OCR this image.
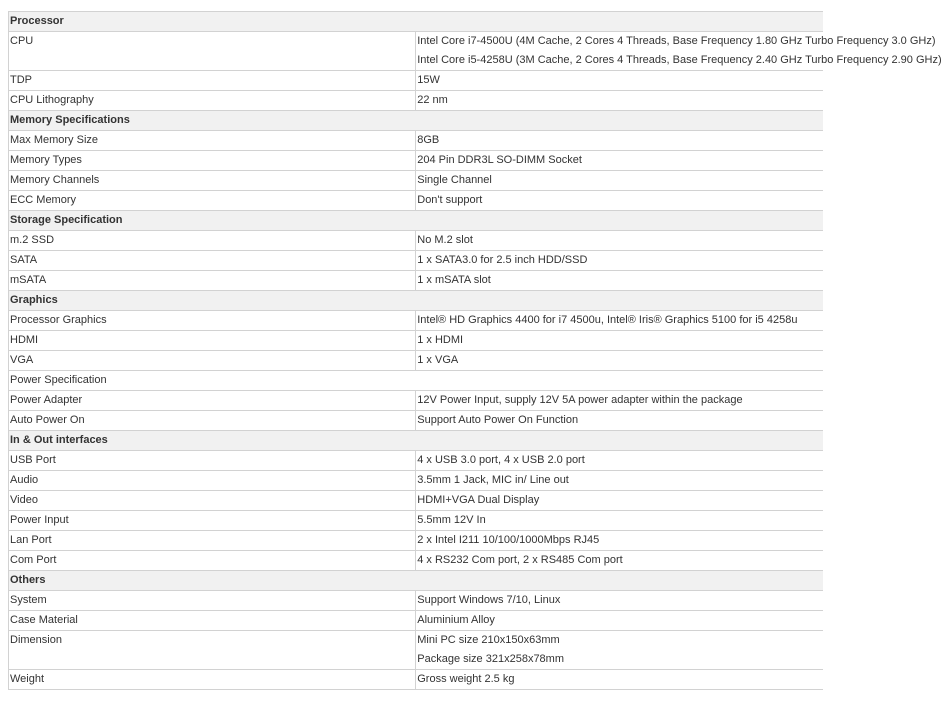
Processor	
CPU	Intel Core i7-4500U (4M Cache, 2 Cores 4 Threads, Base Frequency 1.80 GHz Turbo Frequency 3.0 GHz)
Intel Core i5-4258U (3M Cache, 2 Cores 4 Threads, Base Frequency 2.40 GHz Turbo Frequency 2.90 GHz)

TDP	15W

CPU Lithography	22 nm

Memory Specifications	
Max Memory Size	8GB

Memory Types	204 Pin DDR3L SO-DIMM Socket

Memory Channels	Single Channel

ECC Memory	Don't support

Storage Specification	
m.2 SSD	No M.2 slot

SATA	1 x SATA3.0 for 2.5 inch HDD/SSD

mSATA	1 x mSATA slot

Graphics	
Processor Graphics	Intel® HD Graphics 4400 for i7 4500u, Intel® Iris® Graphics 5100 for i5 4258u

HDMI	1 x HDMI

VGA	1 x VGA

Power Specification	
Power Adapter	12V Power Input, supply 12V 5A power adapter within the package

Auto Power On	Support Auto Power On Function

In & Out interfaces	
USB Port	4 x USB 3.0 port, 4 x USB 2.0 port

Audio	3.5mm 1 Jack, MIC in/ Line out

Video	HDMI+VGA Dual Display

Power Input	5.5mm 12V In

Lan Port	2 x Intel I211 10/100/1000Mbps RJ45

Com Port	4 x RS232 Com port, 2 x RS485 Com port

Others	
System	Support Windows 7/10, Linux

Case Material	Aluminium Alloy

Dimension	Mini PC size 210x150x63mm
Package size 321x258x78mm

Weight	Gross weight 2.5 kg
